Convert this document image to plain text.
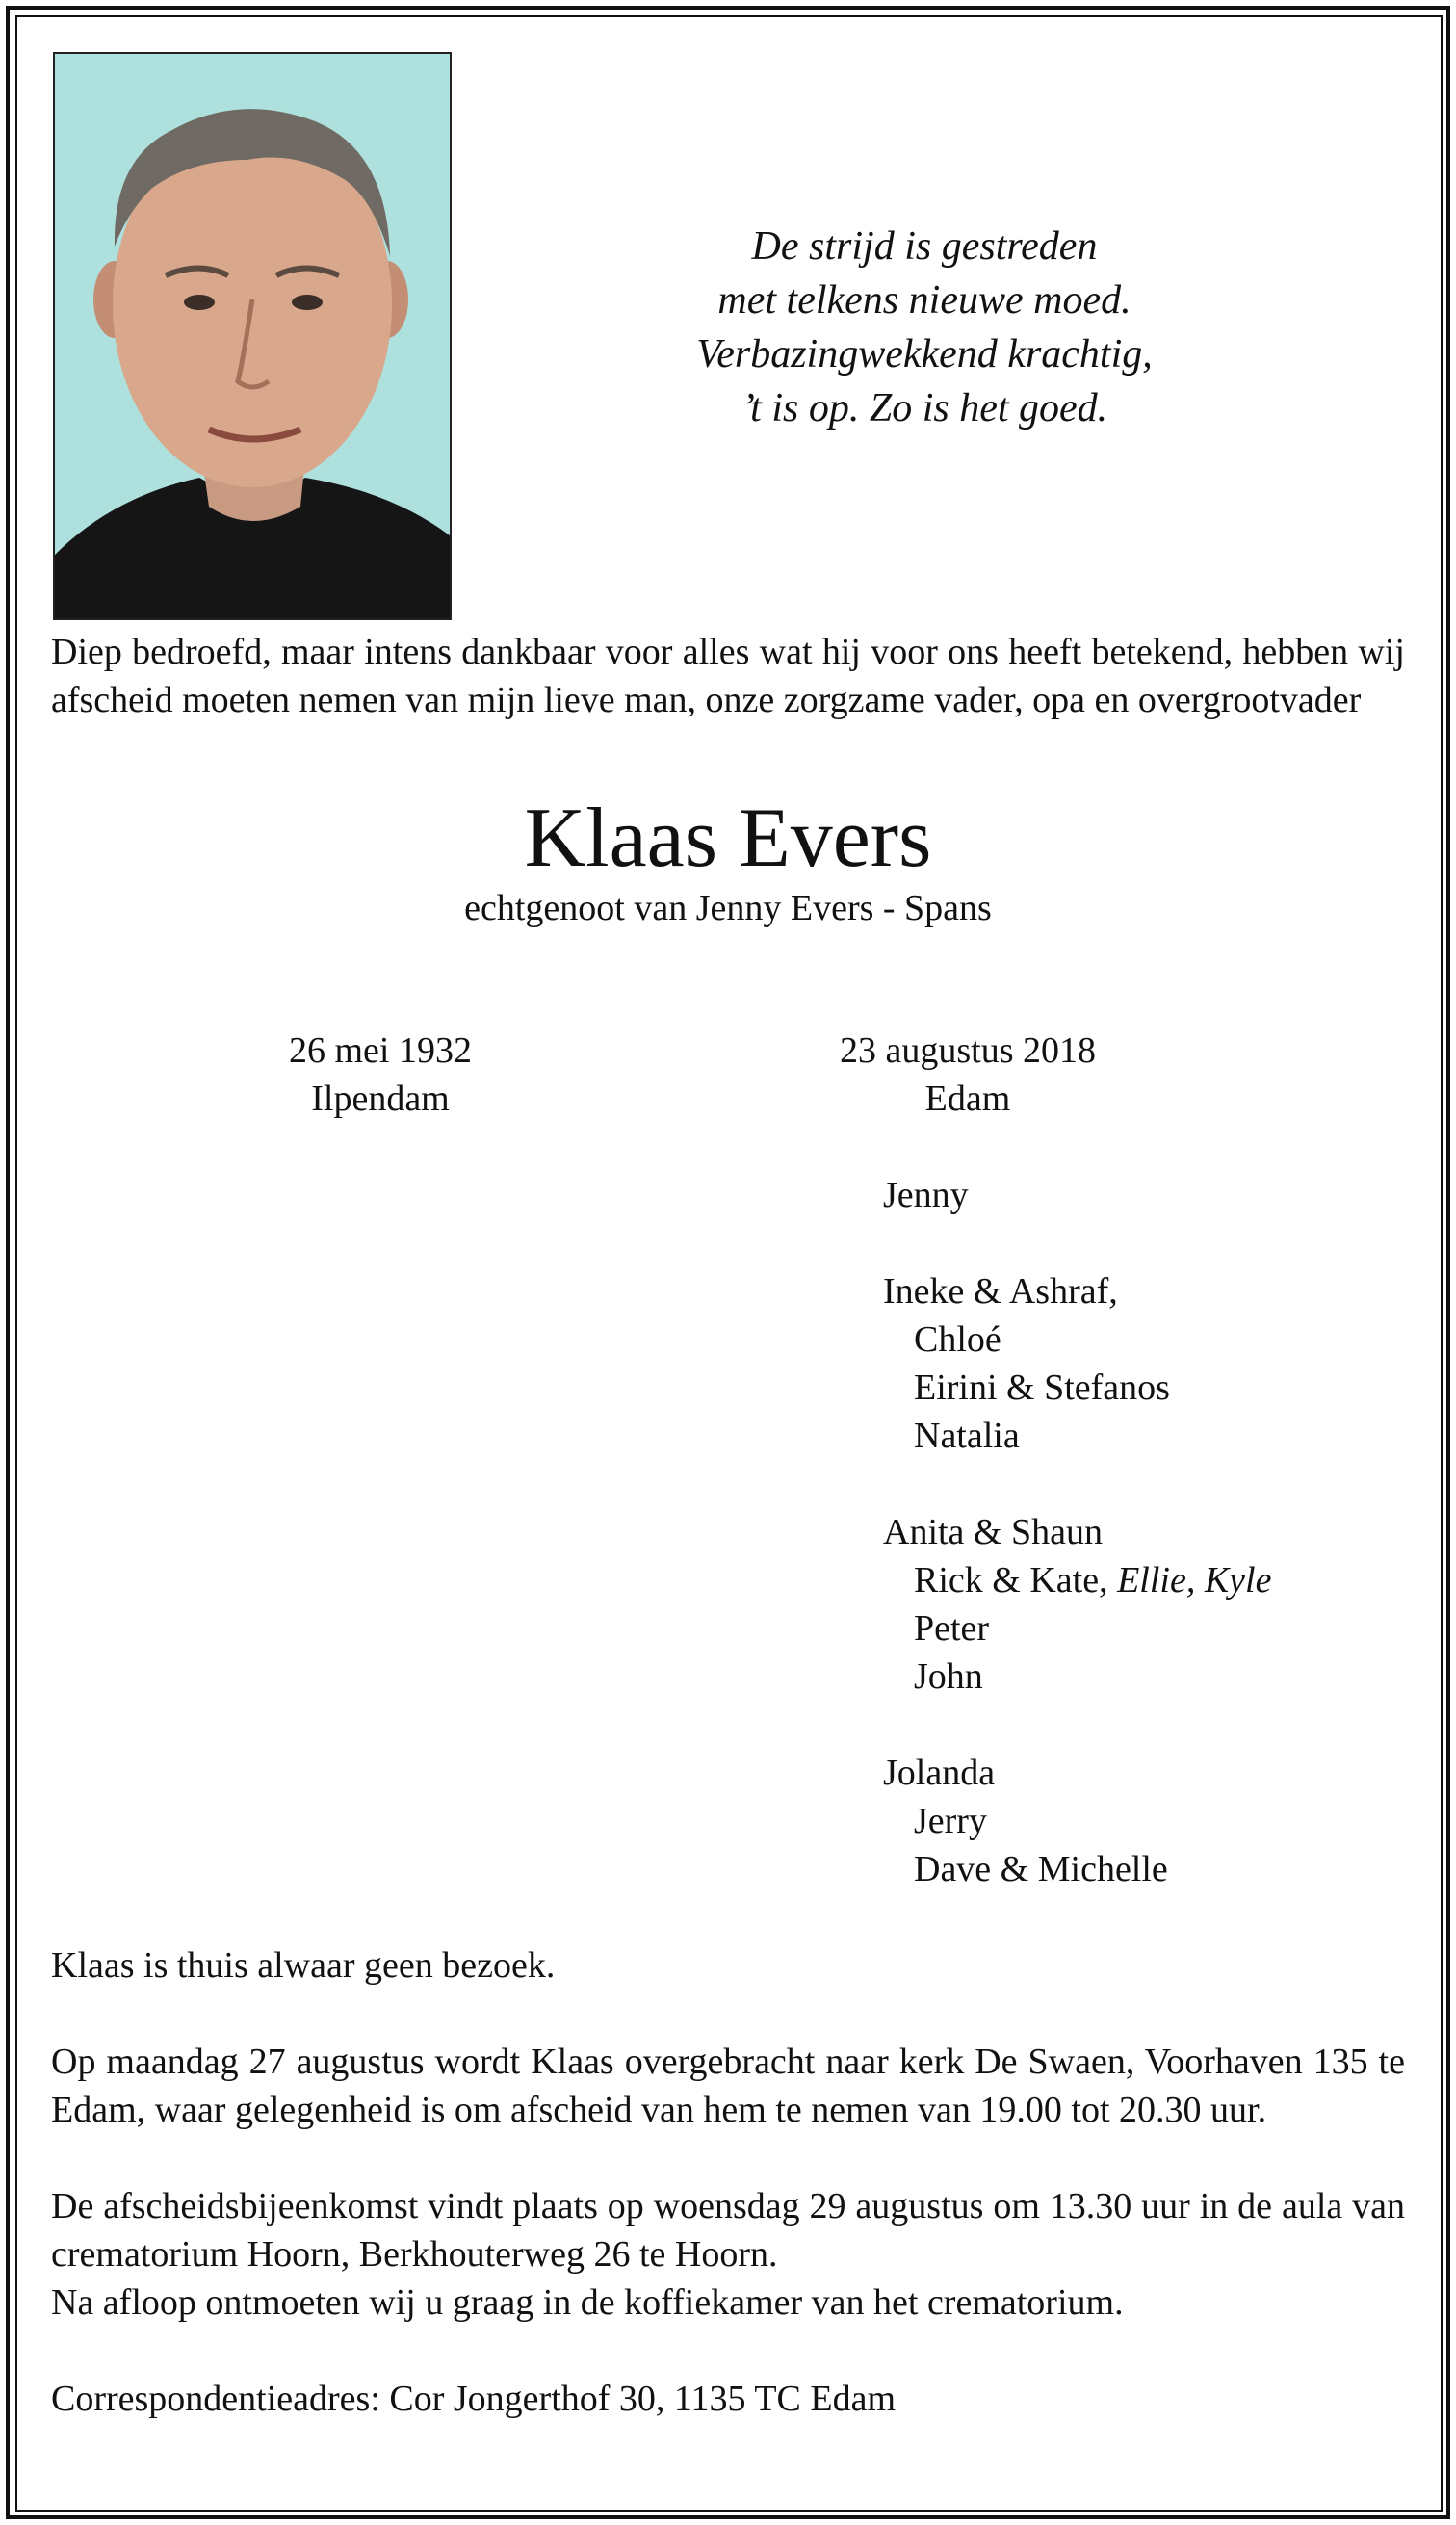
De strijd is gestreden
met telkens nieuwe moed.
Verbazingwekkend krachtig,
’t is op. Zo is het goed.
Diep bedroefd, maar intens dankbaar voor alles wat hij voor ons heeft betekend, hebben wij afscheid moeten nemen van mijn lieve man, onze zorgzame vader, opa en overgrootvader
Klaas Evers
echtgenoot van Jenny Evers - Spans
26 mei 1932
Ilpendam
23 augustus 2018
Edam
Jenny
Ineke & Ashraf,
Chloé
Eirini & Stefanos
Natalia
Anita & Shaun
Rick & Kate, Ellie, Kyle
Peter
John
Jolanda
Jerry
Dave & Michelle

Klaas is thuis alwaar geen bezoek.

Op maandag 27 augustus wordt Klaas overgebracht naar kerk De Swaen, Voorhaven 135 te Edam, waar gelegenheid is om afscheid van hem te nemen van 19.00 tot 20.30 uur.

De afscheidsbijeenkomst vindt plaats op woensdag 29 augustus om 13.30 uur in de aula van crematorium Hoorn, Berkhouterweg 26 te Hoorn.

Na afloop ontmoeten wij u graag in de koffiekamer van het crematorium.

Correspondentieadres: Cor Jongerthof 30, 1135 TC Edam
